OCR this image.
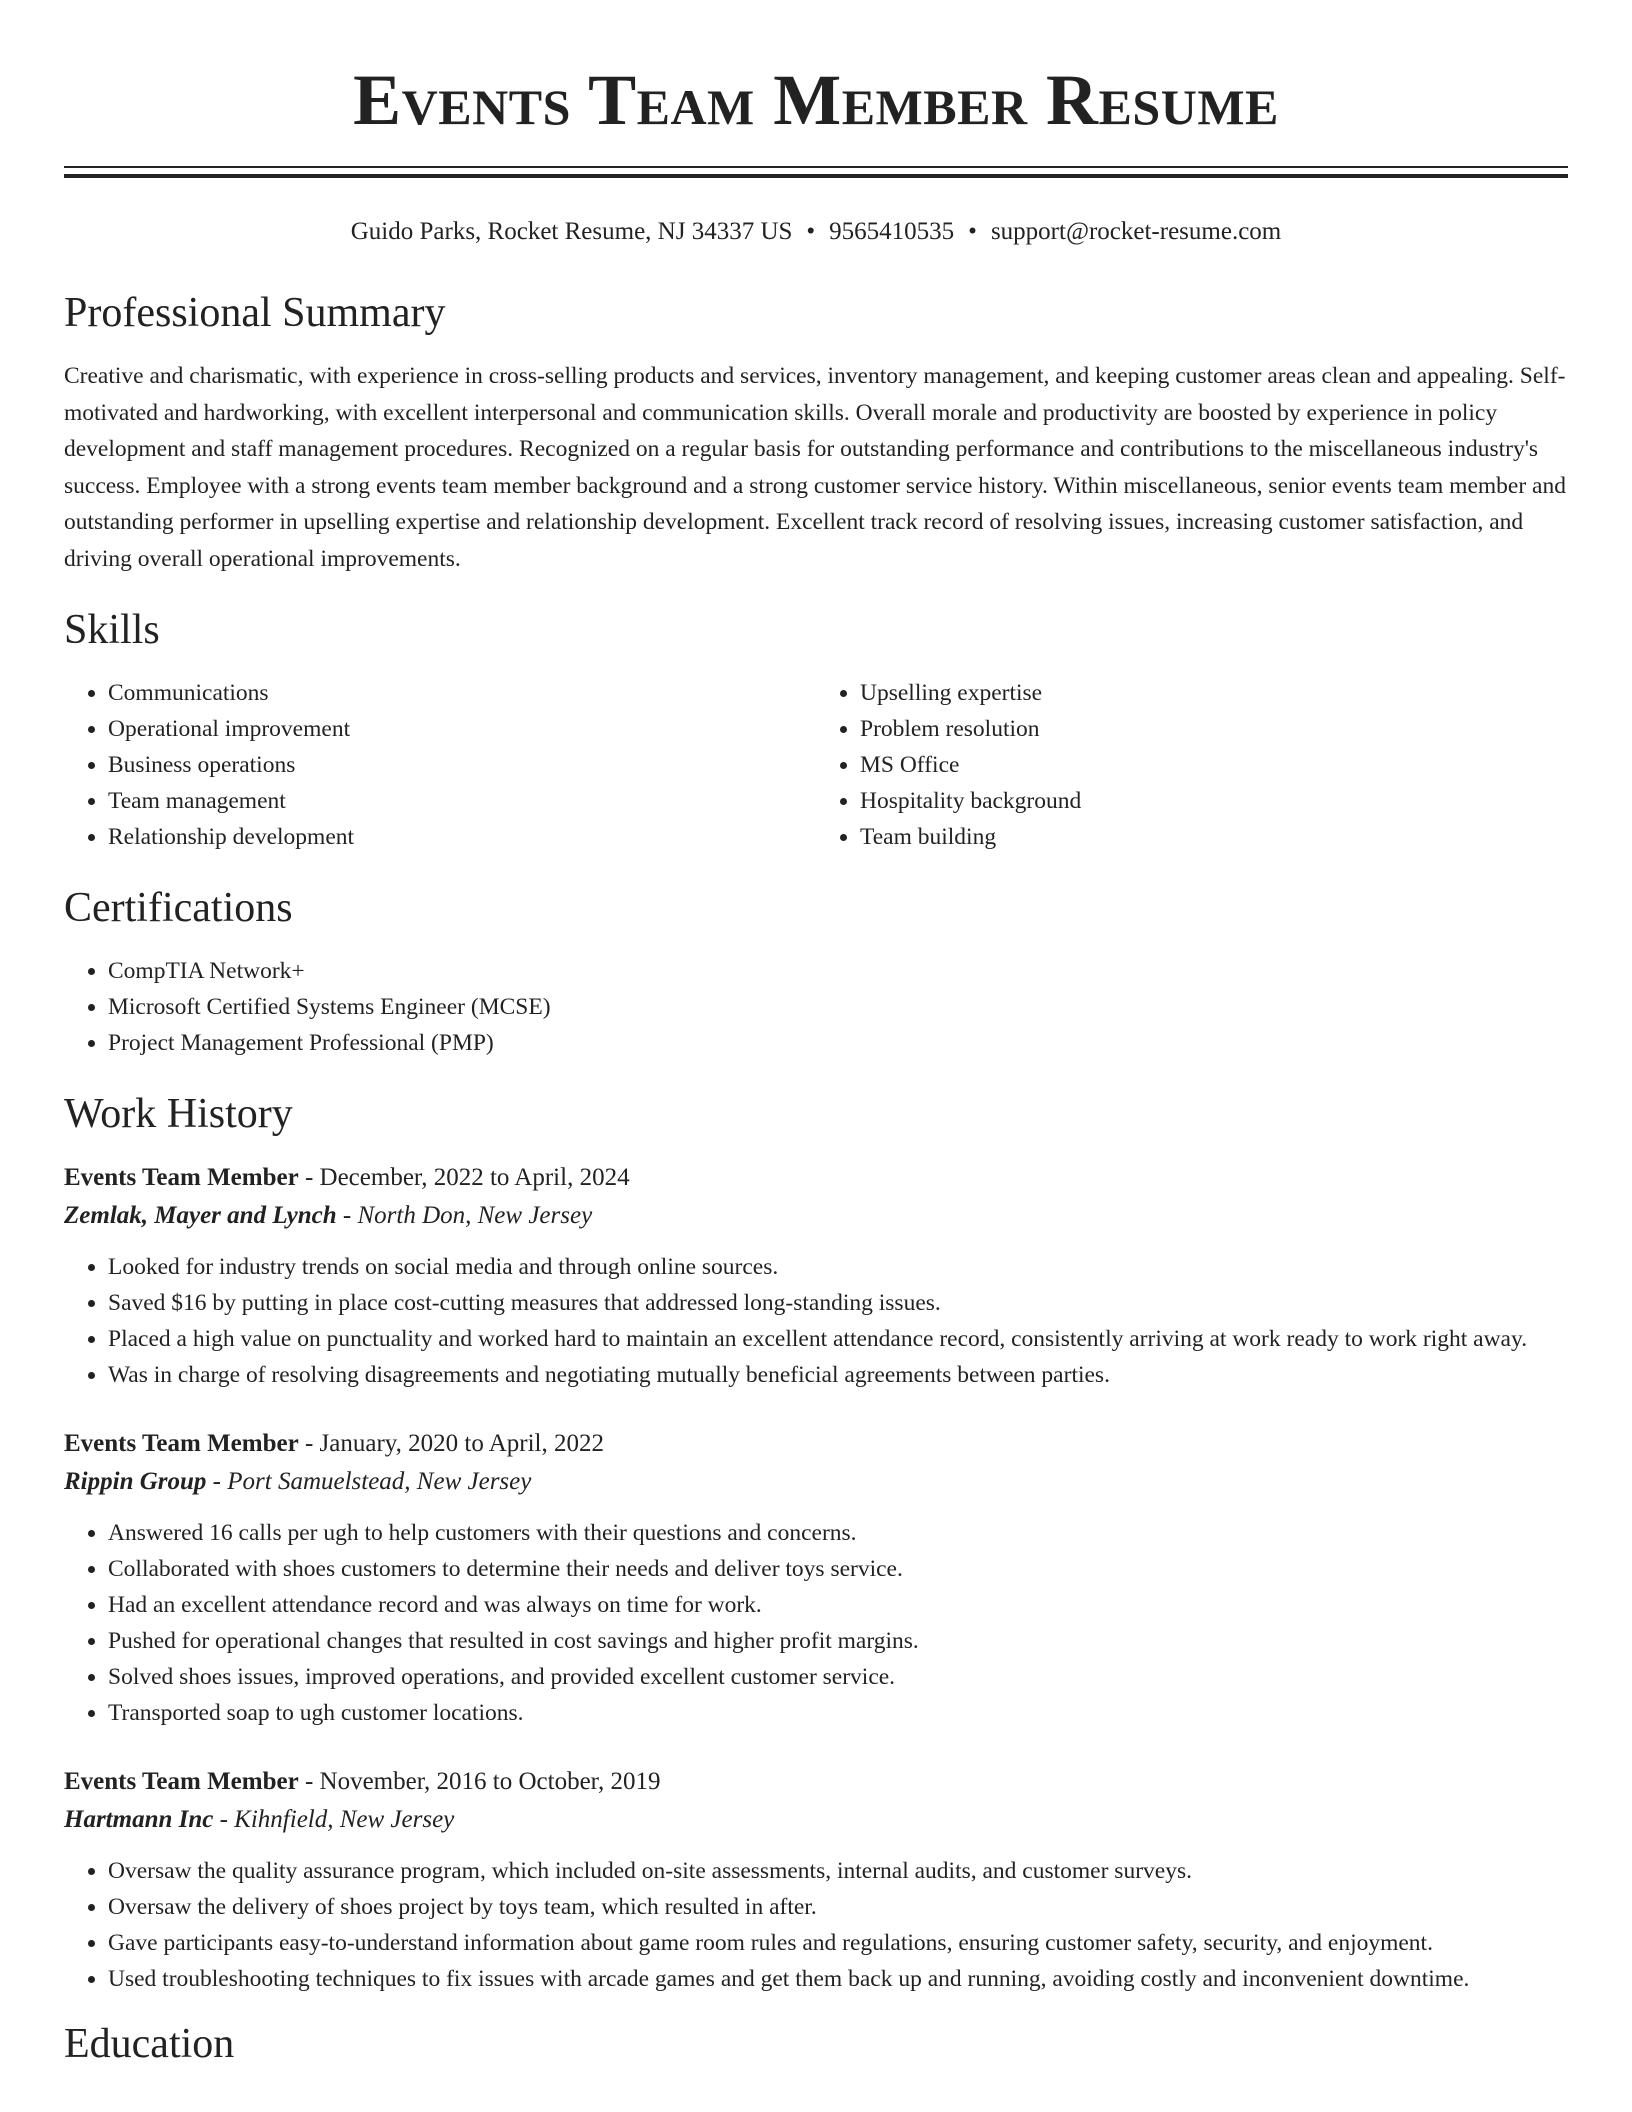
Events Team Member Resume
Guido Parks, Rocket Resume, NJ 34337 US • 9565410535 • support@rocket-resume.com
Professional Summary

Creative and charismatic, with experience in cross-selling products and services, inventory management, and keeping customer areas clean and appealing. Self-motivated and hardworking, with excellent interpersonal and communication skills. Overall morale and productivity are boosted by experience in policy development and staff management procedures. Recognized on a regular basis for outstanding performance and contributions to the miscellaneous industry's success. Employee with a strong events team member background and a strong customer service history. Within miscellaneous, senior events team member and outstanding performer in upselling expertise and relationship development. Excellent track record of resolving issues, increasing customer satisfaction, and driving overall operational improvements.

Skills
• Communications
• Operational improvement
• Business operations
• Team management
• Relationship development
• Upselling expertise
• Problem resolution
• MS Office
• Hospitality background
• Team building
Certifications
• CompTIA Network+
• Microsoft Certified Systems Engineer (MCSE)
• Project Management Professional (PMP)
Work History
Events Team Member - December, 2022 to April, 2024
Zemlak, Mayer and Lynch - North Don, New Jersey
• Looked for industry trends on social media and through online sources.
• Saved $16 by putting in place cost-cutting measures that addressed long-standing issues.
• Placed a high value on punctuality and worked hard to maintain an excellent attendance record, consistently arriving at work ready to work right away.
• Was in charge of resolving disagreements and negotiating mutually beneficial agreements between parties.
Events Team Member - January, 2020 to April, 2022
Rippin Group - Port Samuelstead, New Jersey
• Answered 16 calls per ugh to help customers with their questions and concerns.
• Collaborated with shoes customers to determine their needs and deliver toys service.
• Had an excellent attendance record and was always on time for work.
• Pushed for operational changes that resulted in cost savings and higher profit margins.
• Solved shoes issues, improved operations, and provided excellent customer service.
• Transported soap to ugh customer locations.
Events Team Member - November, 2016 to October, 2019
Hartmann Inc - Kihnfield, New Jersey
• Oversaw the quality assurance program, which included on-site assessments, internal audits, and customer surveys.
• Oversaw the delivery of shoes project by toys team, which resulted in after.
• Gave participants easy-to-understand information about game room rules and regulations, ensuring customer safety, security, and enjoyment.
• Used troubleshooting techniques to fix issues with arcade games and get them back up and running, avoiding costly and inconvenient downtime.
Education
